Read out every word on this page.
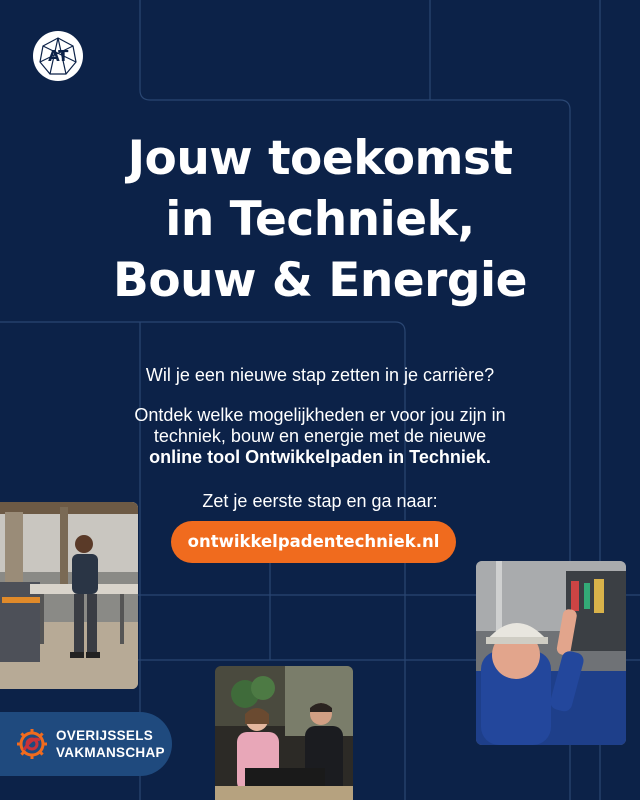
AT
Jouw toekomst
in Techniek,
Bouw & Energie
Wil je een nieuwe stap zetten in je carrière?
Ontdek welke mogelijkheden er voor jou zijn in
techniek, bouw en energie met de nieuwe
online tool Ontwikkelpaden in Techniek.
Zet je eerste stap en ga naar:
ontwikkelpadentechniek.nl
OVERIJSSELS
VAKMANSCHAP
